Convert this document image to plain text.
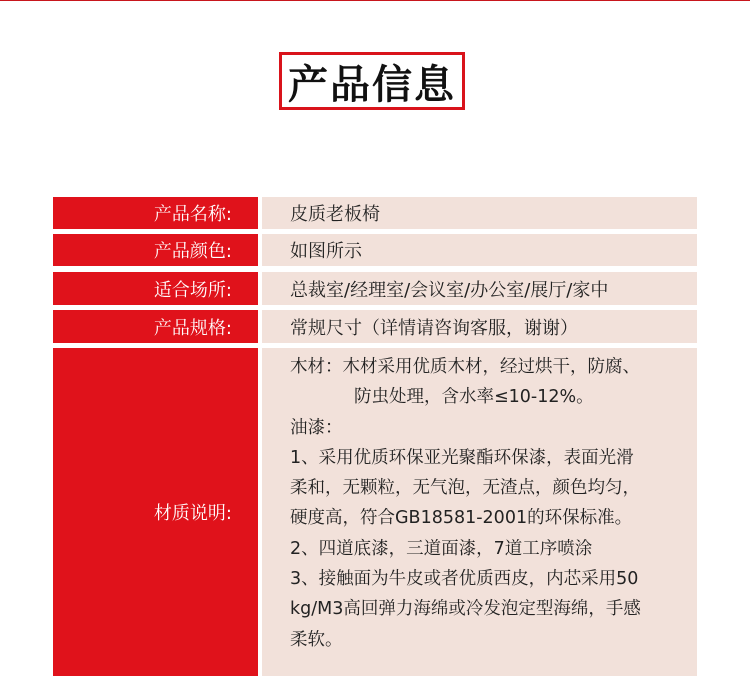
产品信息
产品名称:	皮质老板椅
产品颜色:	如图所示
适合场所:	总裁室/经理室/会议室/办公室/展厅/家中
产品规格:	常规尺寸（详情请咨询客服，谢谢）
材质说明:
木材：木材采用优质木材，经过烘干，防腐、
防虫处理，含水率≤10-12%。
油漆：
1、采用优质环保亚光聚酯环保漆，表面光滑
柔和，无颗粒，无气泡，无渣点，颜色均匀，
硬度高，符合GB18581-2001的环保标准。
2、四道底漆，三道面漆，7道工序喷涂
3、接触面为牛皮或者优质西皮，内芯采用50
kg/M3高回弹力海绵或冷发泡定型海绵，手感
柔软。
